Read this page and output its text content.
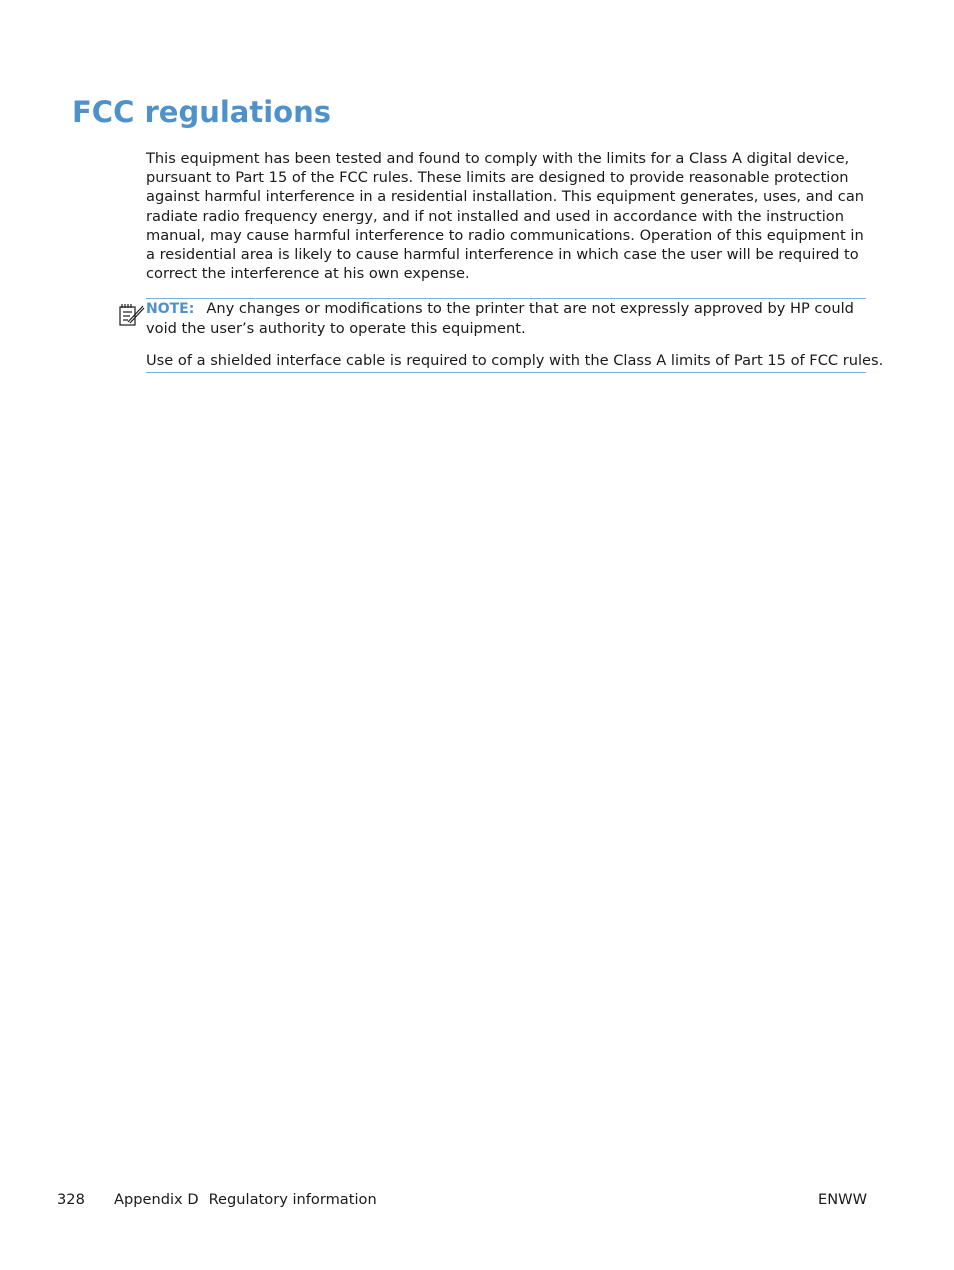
FCC regulations

This equipment has been tested and found to comply with the limits for a Class A digital device, pursuant to Part 15 of the FCC rules. These limits are designed to provide reasonable protection against harmful interference in a residential installation. This equipment generates, uses, and can radiate radio frequency energy, and if not installed and used in accordance with the instruction manual, may cause harmful interference to radio communications. Operation of this equipment in a residential area is likely to cause harmful interference in which case the user will be required to correct the interference at his own expense.

NOTE: Any changes or modifications to the printer that are not expressly approved by HP could void the user’s authority to operate this equipment.

Use of a shielded interface cable is required to comply with the Class A limits of Part 15 of FCC rules.

328 Appendix D Regulatory information	ENWW
